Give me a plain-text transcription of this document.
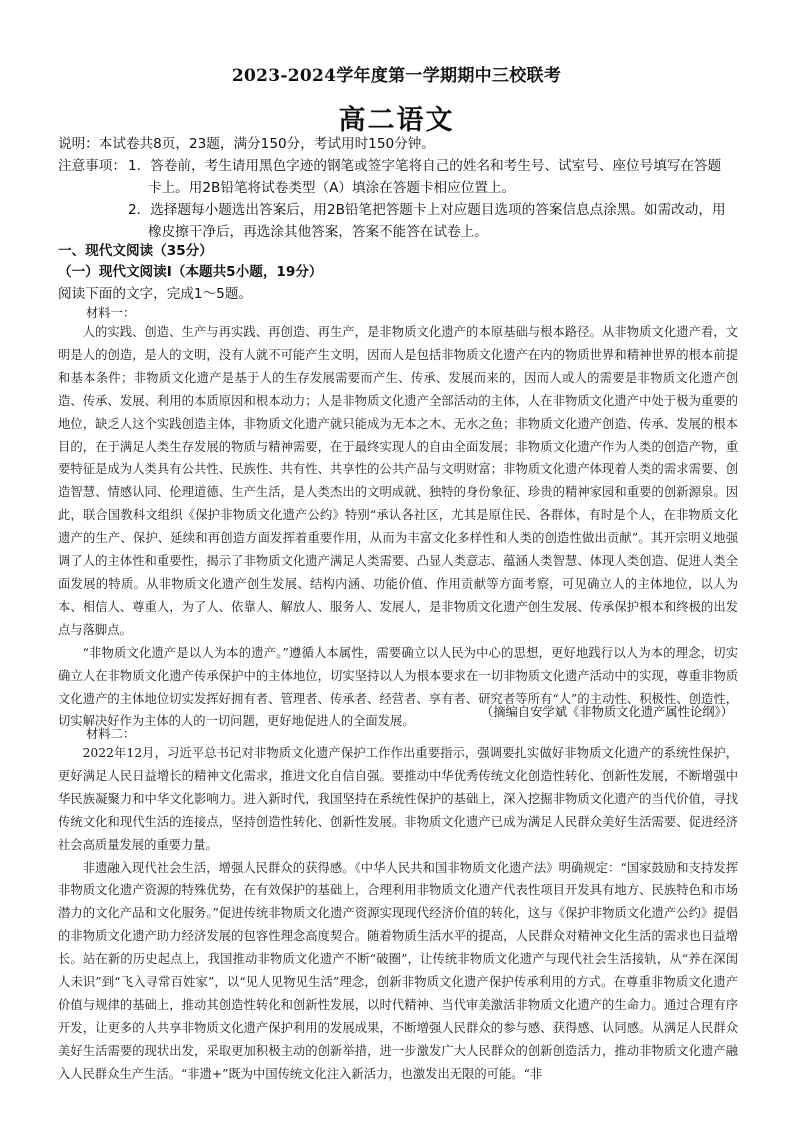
2023-2024学年度第一学期期中三校联考
高二语文
说明：本试卷共8页，23题，满分150分，考试用时150分钟。
注意事项： 1．答卷前，考生请用黑色字迹的钢笔或签字笔将自己的姓名和考生号、试室号、座位号填写在答题
卡上。用2B铅笔将试卷类型（A）填涂在答题卡相应位置上。
2．选择题每小题选出答案后，用2B铅笔把答题卡上对应题目选项的答案信息点涂黑。如需改动，用
橡皮擦干净后，再选涂其他答案，答案不能答在试卷上。
一、现代文阅读（35分）
（一）现代文阅读Ⅰ（本题共5小题，19分）
阅读下面的文字，完成1～5题。
材料一：

人的实践、创造、生产与再实践、再创造、再生产，是非物质文化遗产的本原基础与根本路径。从非物质文化遗产看，文明是人的创造，是人的文明，没有人就不可能产生文明，因而人是包括非物质文化遗产在内的物质世界和精神世界的根本前提和基本条件；非物质文化遗产是基于人的生存发展需要而产生、传承、发展而来的，因而人或人的需要是非物质文化遗产创造、传承、发展、利用的本质原因和根本动力；人是非物质文化遗产全部活动的主体，人在非物质文化遗产中处于极为重要的地位，缺乏人这个实践创造主体，非物质文化遗产就只能成为无本之木、无水之鱼；非物质文化遗产创造、传承、发展的根本目的，在于满足人类生存发展的物质与精神需要，在于最终实现人的自由全面发展；非物质文化遗产作为人类的创造产物，重要特征是成为人类具有公共性、民族性、共有性、共享性的公共产品与文明财富；非物质文化遗产体现着人类的需求需要、创造智慧、情感认同、伦理道德、生产生活，是人类杰出的文明成就、独特的身份象征、珍贵的精神家园和重要的创新源泉。因此，联合国教科文组织《保护非物质文化遗产公约》特别“承认各社区，尤其是原住民、各群体，有时是个人，在非物质文化遗产的生产、保护、延续和再创造方面发挥着重要作用，从而为丰富文化多样性和人类的创造性做出贡献”。其开宗明义地强调了人的主体性和重要性，揭示了非物质文化遗产满足人类需要、凸显人类意志、蕴涵人类智慧、体现人类创造、促进人类全面发展的特质。从非物质文化遗产创生发展、结构内涵、功能价值、作用贡献等方面考察，可见确立人的主体地位，以人为本、相信人、尊重人，为了人、依靠人、解放人、服务人、发展人，是非物质文化遗产创生发展、传承保护根本和终极的出发点与落脚点。

“非物质文化遗产是以人为本的遗产。”遵循人本属性，需要确立以人民为中心的思想，更好地践行以人为本的理念，切实确立人在非物质文化遗产传承保护中的主体地位，切实坚持以人为根本要求在一切非物质文化遗产活动中的实现，尊重非物质文化遗产的主体地位切实发挥好拥有者、管理者、传承者、经营者、享有者、研究者等所有“人”的主动性、积极性、创造性，切实解决好作为主体的人的一切问题，更好地促进人的全面发展。

（摘编自安学斌《非物质文化遗产属性论纲》）
材料二：

2022年12月，习近平总书记对非物质文化遗产保护工作作出重要指示，强调要扎实做好非物质文化遗产的系统性保护，更好满足人民日益增长的精神文化需求，推进文化自信自强。要推动中华优秀传统文化创造性转化、创新性发展，不断增强中华民族凝聚力和中华文化影响力。进入新时代，我国坚持在系统性保护的基础上，深入挖掘非物质文化遗产的当代价值，寻找传统文化和现代生活的连接点，坚持创造性转化、创新性发展。非物质文化遗产已成为满足人民群众美好生活需要、促进经济社会高质量发展的重要力量。

非遗融入现代社会生活，增强人民群众的获得感。《中华人民共和国非物质文化遗产法》明确规定：“国家鼓励和支持发挥非物质文化遗产资源的特殊优势，在有效保护的基础上，合理利用非物质文化遗产代表性项目开发具有地方、民族特色和市场潜力的文化产品和文化服务。”促进传统非物质文化遗产资源实现现代经济价值的转化，这与《保护非物质文化遗产公约》提倡的非物质文化遗产助力经济发展的包容性理念高度契合。随着物质生活水平的提高，人民群众对精神文化生活的需求也日益增长。站在新的历史起点上，我国推动非物质文化遗产不断“破圈”，让传统非物质文化遗产与现代社会生活接轨，从“养在深闺人未识”到“飞入寻常百姓家”，以“见人见物见生活”理念，创新非物质文化遗产保护传承利用的方式。在尊重非物质文化遗产价值与规律的基础上，推动其创造性转化和创新性发展，以时代精神、当代审美激活非物质文化遗产的生命力。通过合理有序开发，让更多的人共享非物质文化遗产保护利用的发展成果，不断增强人民群众的参与感、获得感、认同感。从满足人民群众美好生活需要的现状出发，采取更加积极主动的创新举措，进一步激发广大人民群众的创新创造活力，推动非物质文化遗产融入人民群众生产生活。“非遗+”既为中国传统文化注入新活力，也激发出无限的可能。“非
